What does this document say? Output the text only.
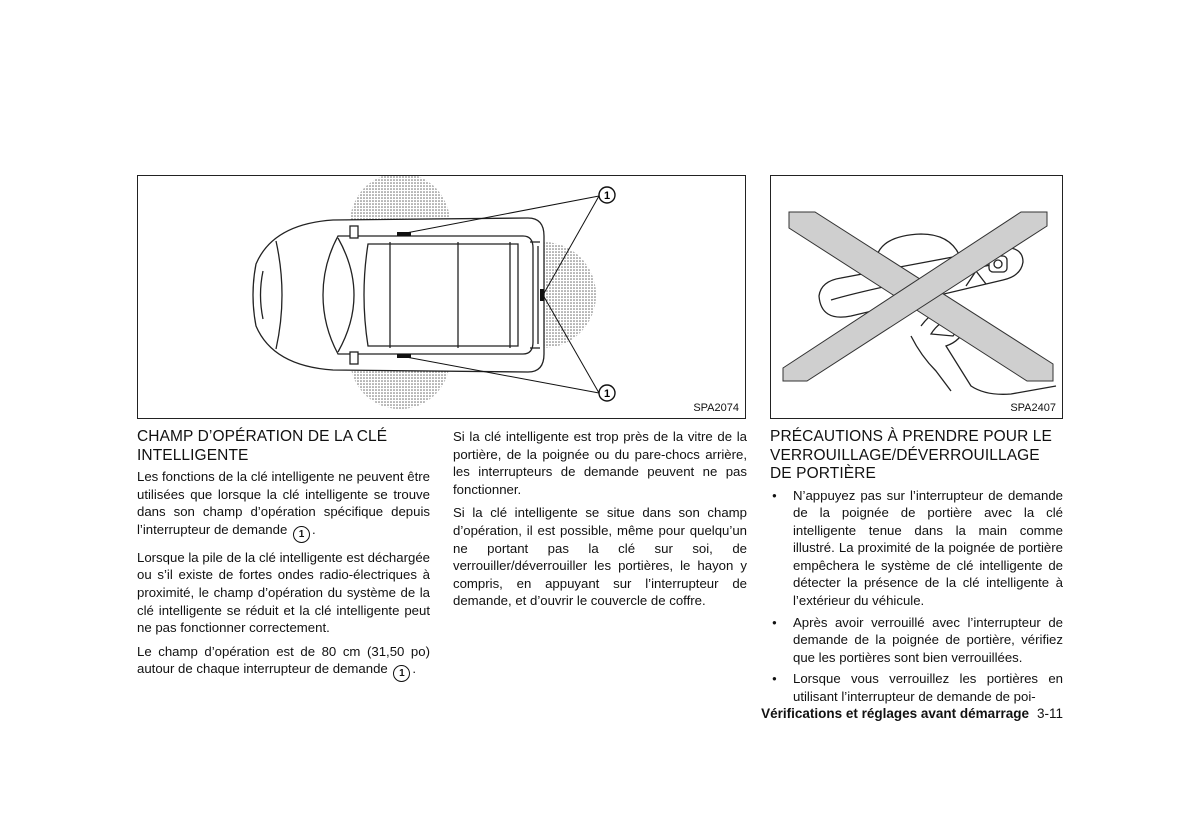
1
1
SPA2074	SPA2407
CHAMP D’OPÉRATION DE LA CLÉ INTELLIGENTE

Les fonctions de la clé intelligente ne peuvent être utilisées que lorsque la clé intelligente se trouve dans son champ d’opération spécifique depuis l’interrupteur de demande 1 .

Lorsque la pile de la clé intelligente est déchargée ou s’il existe de fortes ondes radio-électriques à proximité, le champ d’opération du système de la clé intelligente se réduit et la clé intelligente peut ne pas fonctionner correctement.

Le champ d’opération est de 80 cm (31,50 po) autour de chaque interrupteur de demande 1 .

Si la clé intelligente est trop près de la vitre de la portière, de la poignée ou du pare-chocs arrière, les interrupteurs de demande peuvent ne pas fonctionner.

Si la clé intelligente se situe dans son champ d’opération, il est possible, même pour quelqu’un ne portant pas la clé sur soi, de verrouiller/déverrouiller les portières, le hayon y compris, en appuyant sur l’interrupteur de demande, et d’ouvrir le couvercle de coffre.

PRÉCAUTIONS À PRENDRE POUR LE VERROUILLAGE/DÉVERROUILLAGE DE PORTIÈRE
● N’appuyez pas sur l’interrupteur de demande de la poignée de portière avec la clé intelligente tenue dans la main comme illustré. La proximité de la poignée de portière empêchera le système de clé intelligente de détecter la présence de la clé intelligente à l’extérieur du véhicule.
● Après avoir verrouillé avec l’interrupteur de demande de la poignée de portière, vérifiez que les portières sont bien verrouillées.
● Lorsque vous verrouillez les portières en utilisant l’interrupteur de demande de poi-
Vérifications et réglages avant démarrage 3-11
